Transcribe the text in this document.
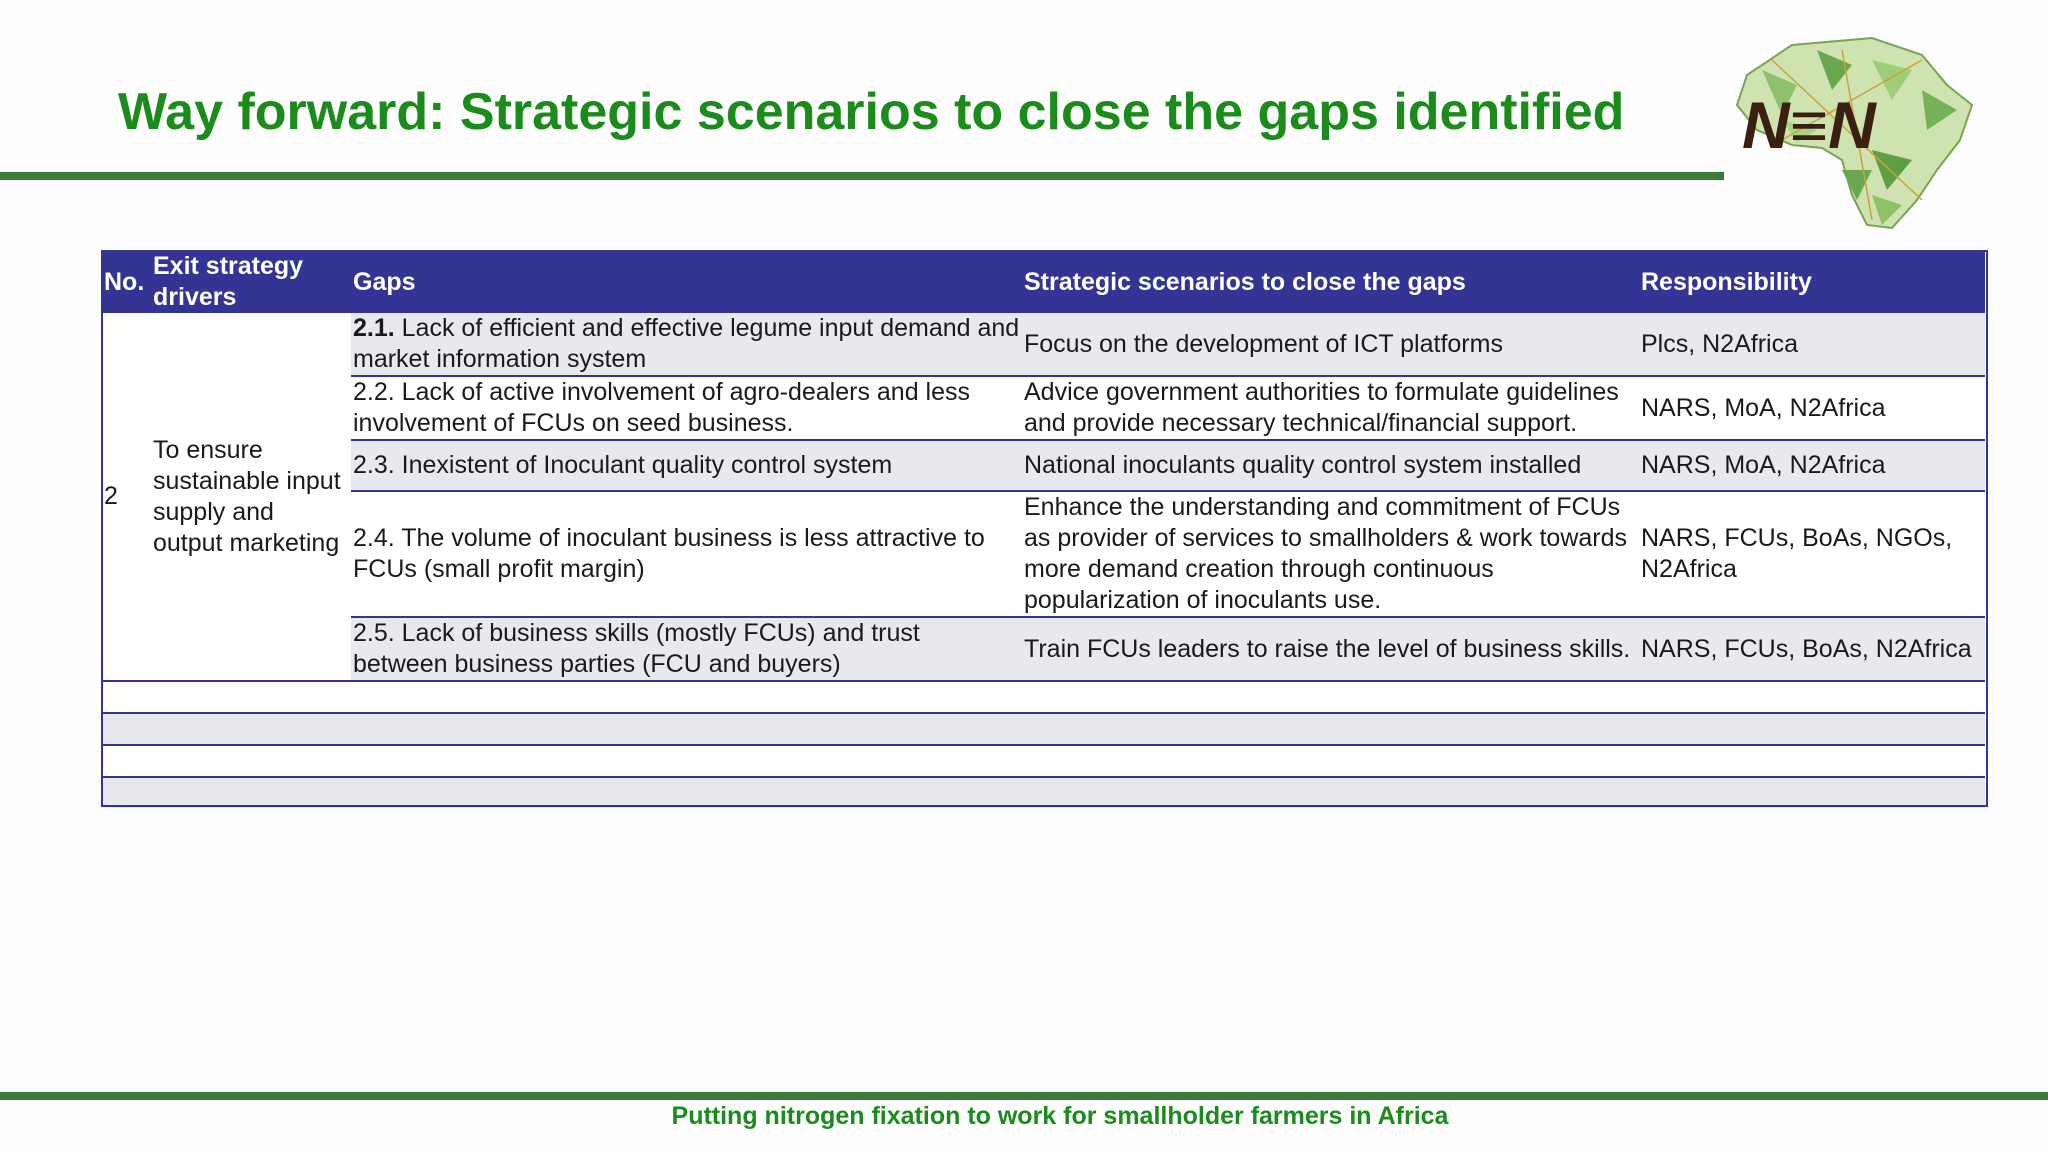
Way forward: Strategic scenarios to close the gaps identified N≡N
No.	Exit strategy drivers	Gaps	Strategic scenarios to close the gaps	Responsibility
2	To ensure sustainable input supply and output marketing	2.1. Lack of efficient and effective legume input demand and market information system	Focus on the development of ICT platforms	Plcs, N2Africa
		2.2. Lack of active involvement of agro-dealers and less involvement of FCUs on seed business.	Advice government authorities to formulate guidelines and provide necessary technical/financial support.	NARS, MoA, N2Africa
		2.3. Inexistent of Inoculant quality control system	National inoculants quality control system installed	NARS, MoA, N2Africa
		2.4. The volume of inoculant business is less attractive to FCUs (small profit margin)	Enhance the understanding and commitment of FCUs as provider of services to smallholders & work towards more demand creation through continuous popularization of inoculants use.	NARS, FCUs, BoAs, NGOs, N2Africa
		2.5. Lack of business skills (mostly FCUs) and trust between business parties (FCU and buyers)	Train FCUs leaders to raise the level of business skills.	NARS, FCUs, BoAs, N2Africa

Putting nitrogen fixation to work for smallholder farmers in Africa
